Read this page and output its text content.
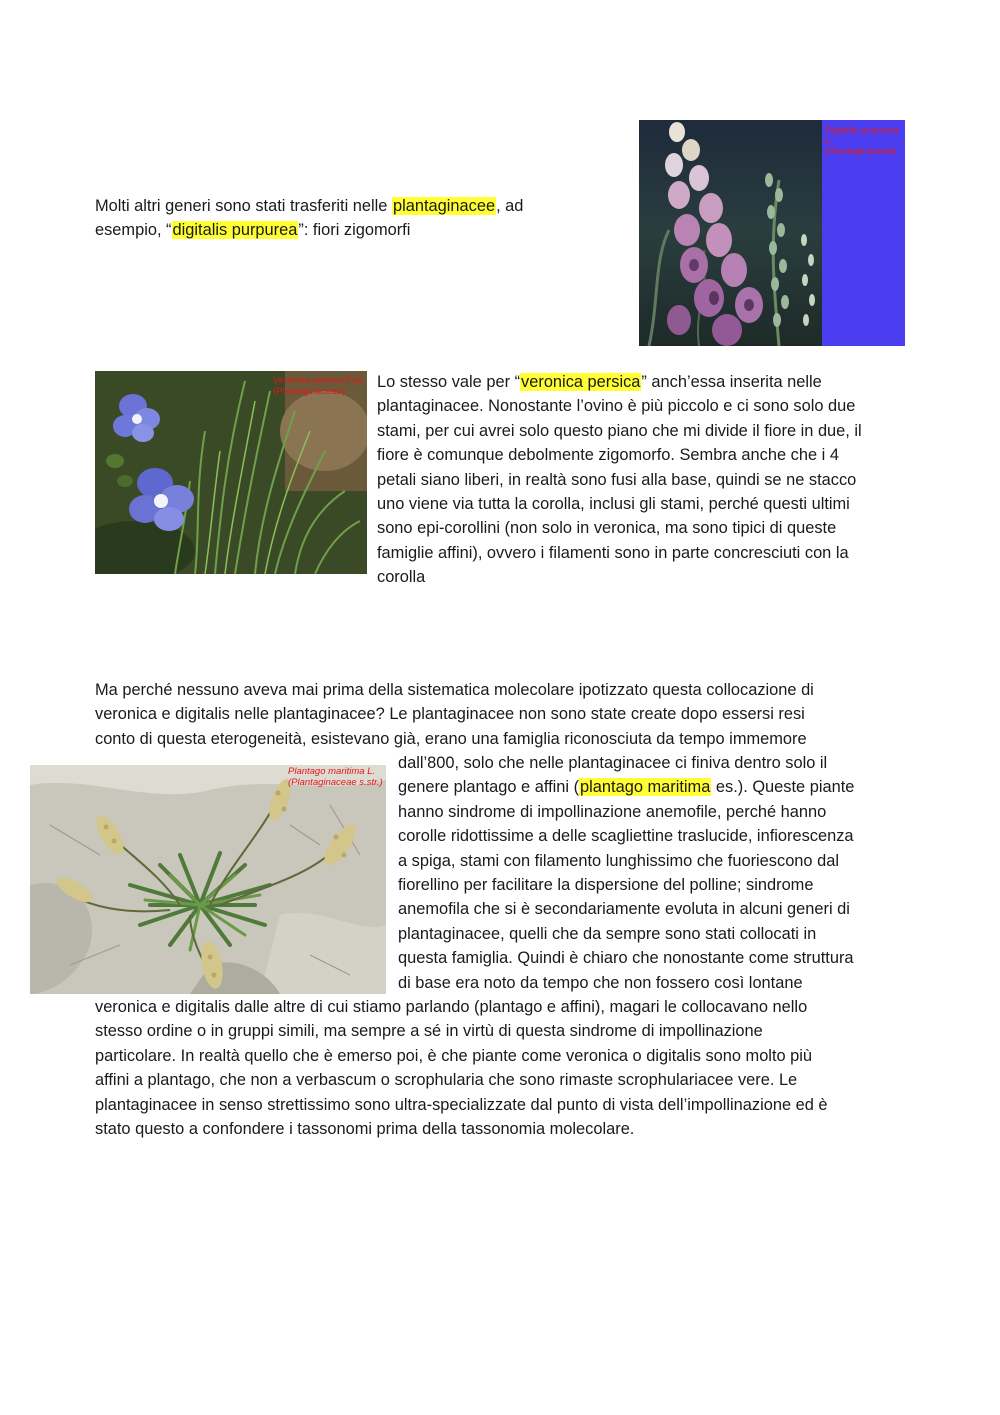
Molti altri generi sono stati trasferiti nelle plantaginacee, ad

esempio, “digitalis purpurea”: fiori zigomorfi

Digitalis purpurea L.
(Plantaginaceae)
Veronica persica Poir.
(Plantaginaceae)	Lo stesso vale per “veronica persica” anch’essa inserita nelle

plantaginacee. Nonostante l’ovino è più piccolo e ci sono solo due

stami, per cui avrei solo questo piano che mi divide il fiore in due, il

fiore è comunque debolmente zigomorfo. Sembra anche che i 4

petali siano liberi, in realtà sono fusi alla base, quindi se ne stacco

uno viene via tutta la corolla, inclusi gli stami, perché questi ultimi

sono epi-corollini (non solo in veronica, ma sono tipici di queste

famiglie affini), ovvero i filamenti sono in parte concresciuti con la

corolla

Ma perché nessuno aveva mai prima della sistematica molecolare ipotizzato questa collocazione di

veronica e digitalis nelle plantaginacee? Le plantaginacee non sono state create dopo essersi resi

conto di questa eterogeneità, esistevano già, erano una famiglia riconosciuta da tempo immemore

Plantago maritima L.
(Plantaginaceae s.str.)

dall’800, solo che nelle plantaginacee ci finiva dentro solo il

genere plantago e affini (plantago maritima es.). Queste piante

hanno sindrome di impollinazione anemofile, perché hanno

corolle ridottissime a delle scagliettine traslucide, infiorescenza

a spiga, stami con filamento lunghissimo che fuoriescono dal

fiorellino per facilitare la dispersione del polline; sindrome

anemofila che si è secondariamente evoluta in alcuni generi di

plantaginacee, quelli che da sempre sono stati collocati in

questa famiglia. Quindi è chiaro che nonostante come struttura

di base era noto da tempo che non fossero così lontane

veronica e digitalis dalle altre di cui stiamo parlando (plantago e affini), magari le collocavano nello

stesso ordine o in gruppi simili, ma sempre a sé in virtù di questa sindrome di impollinazione

particolare. In realtà quello che è emerso poi, è che piante come veronica o digitalis sono molto più

affini a plantago, che non a verbascum o scrophularia che sono rimaste scrophulariacee vere. Le

plantaginacee in senso strettissimo sono ultra-specializzate dal punto di vista dell’impollinazione ed è

stato questo a confondere i tassonomi prima della tassonomia molecolare.
